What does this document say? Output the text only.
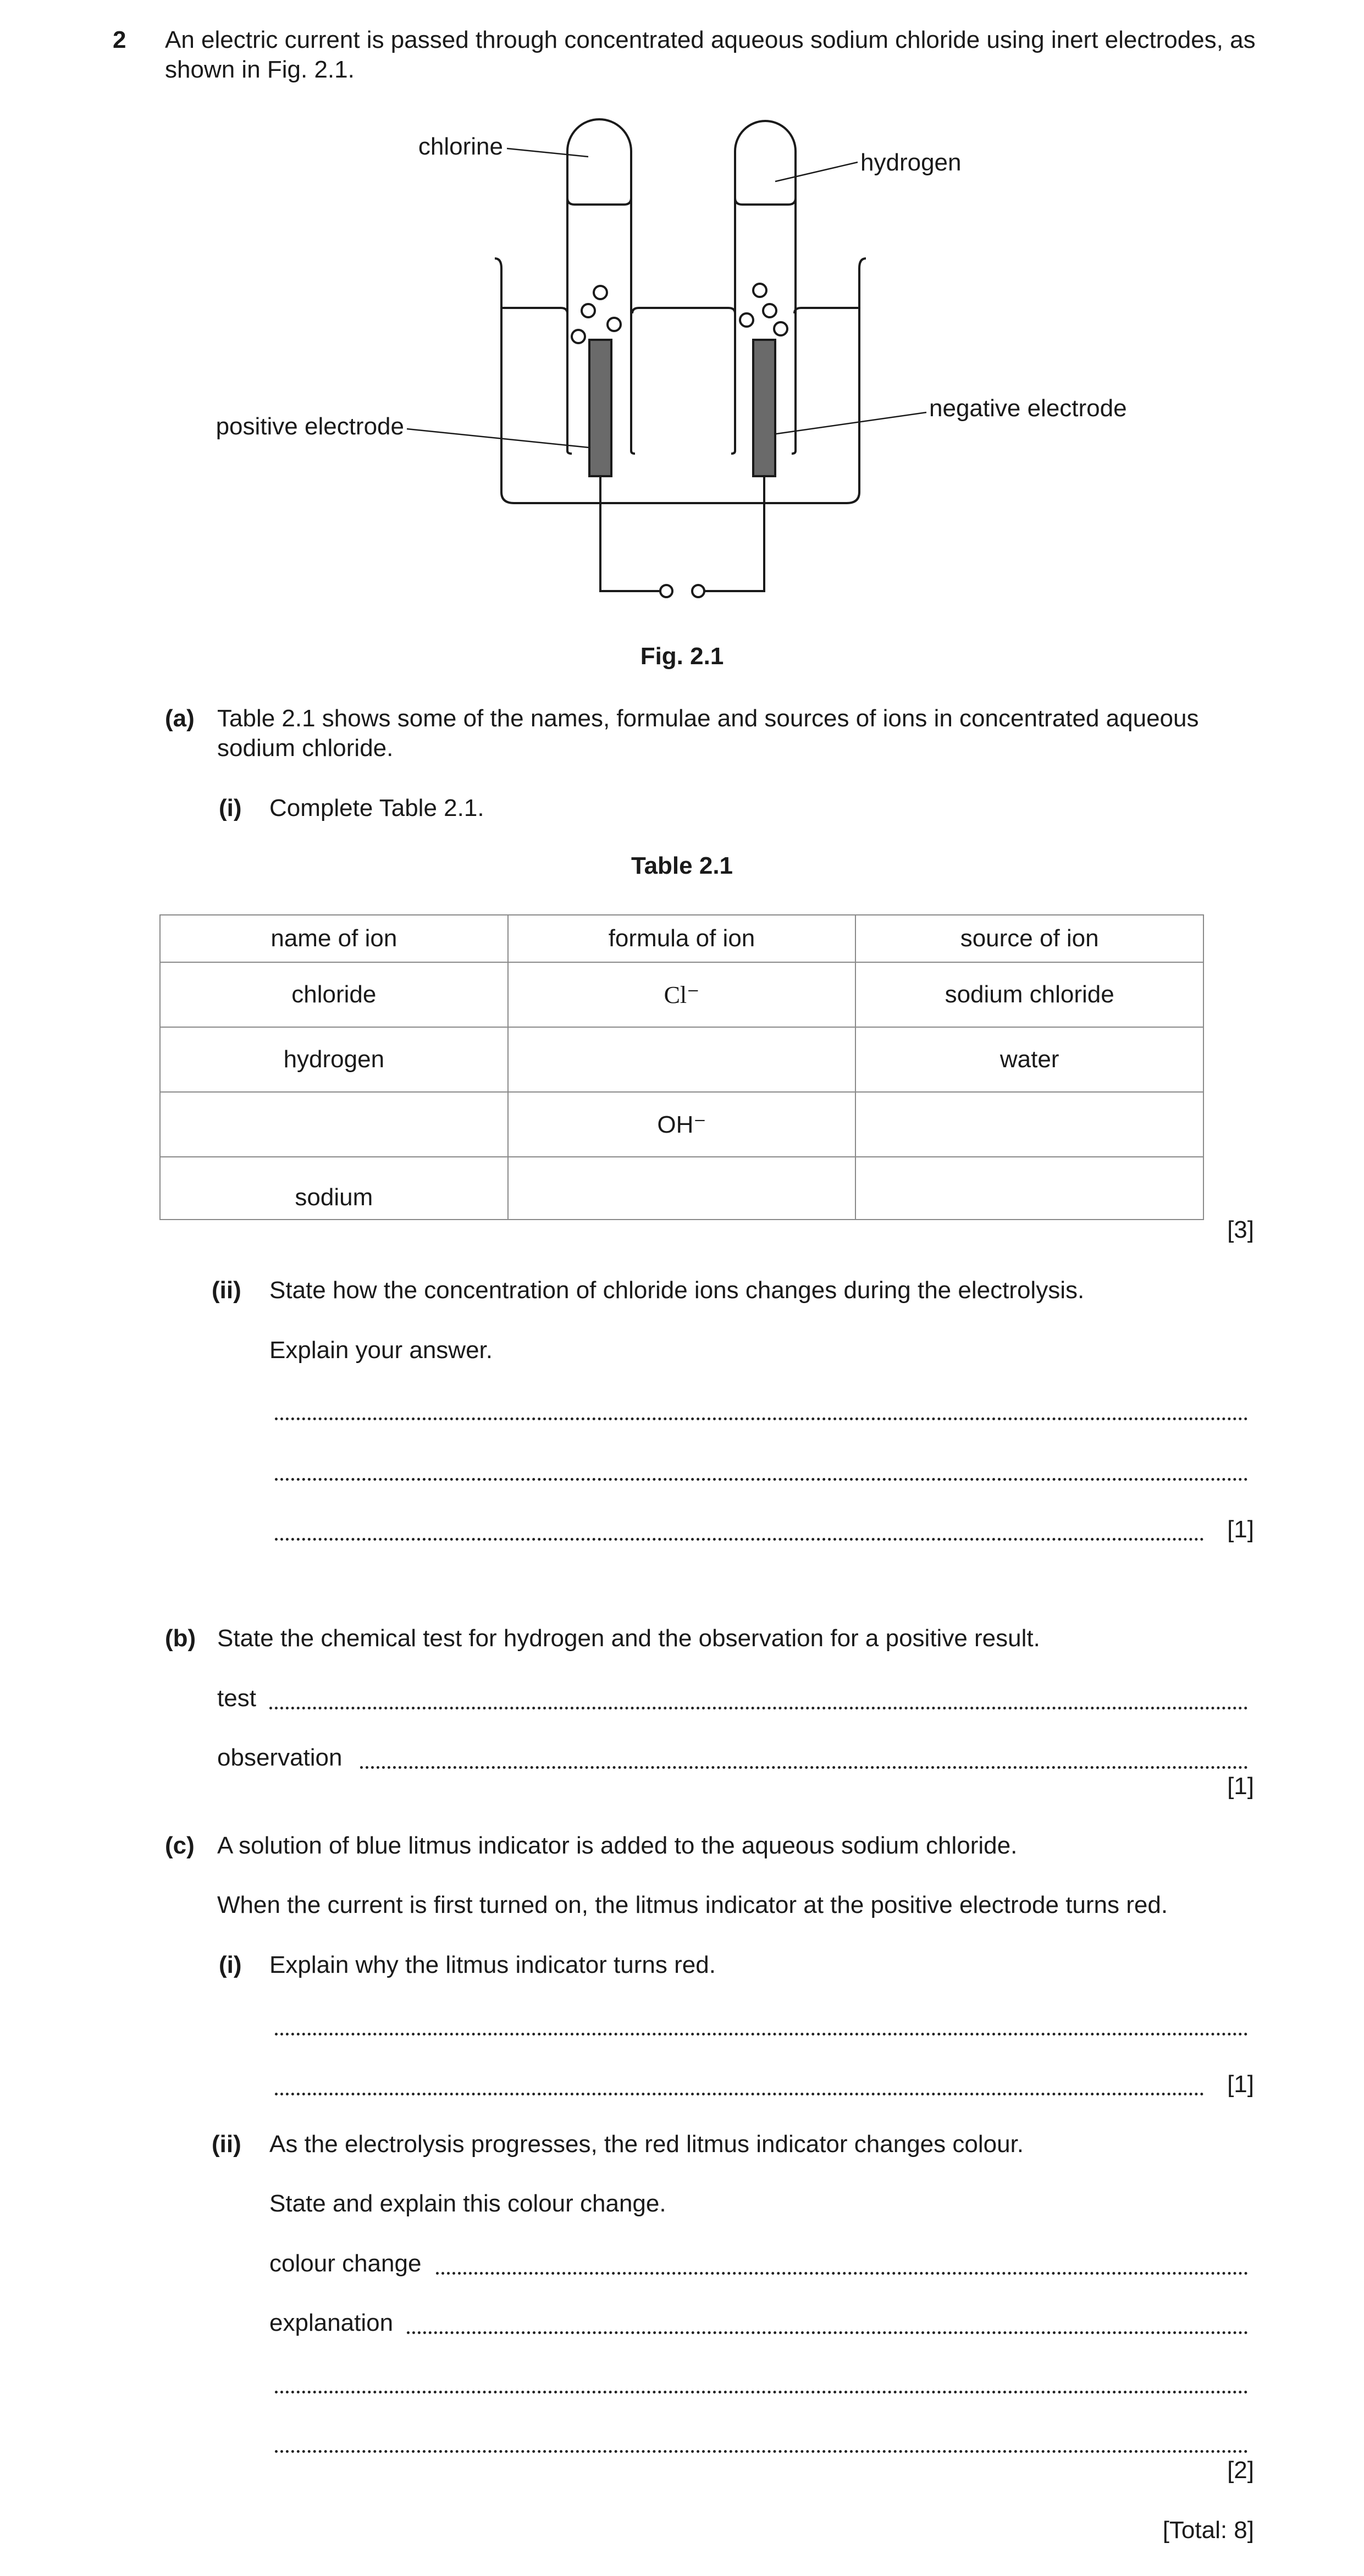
2 An electric current is passed through concentrated aqueous sodium chloride using inert electrodes, as shown in Fig. 2.1.
chlorine
hydrogen
positive electrode
negative electrode
Fig. 2.1
(a) Table 2.1 shows some of the names, formulae and sources of ions in concentrated aqueous sodium chloride.
(i) Complete Table 2.1.
Table 2.1
name of ion	formula of ion	source of ion
chloride	Cl⁻	sodium chloride
hydrogen		water
	OH⁻	
sodium		
[3]
(ii) State how the concentration of chloride ions changes during the electrolysis.
Explain your answer.
[1]
(b) State the chemical test for hydrogen and the observation for a positive result.
test
observation
[1]
(c) A solution of blue litmus indicator is added to the aqueous sodium chloride.
When the current is first turned on, the litmus indicator at the positive electrode turns red.
(i) Explain why the litmus indicator turns red.
[1]
(ii) As the electrolysis progresses, the red litmus indicator changes colour.
State and explain this colour change.
colour change
explanation
[2]
[Total: 8]
